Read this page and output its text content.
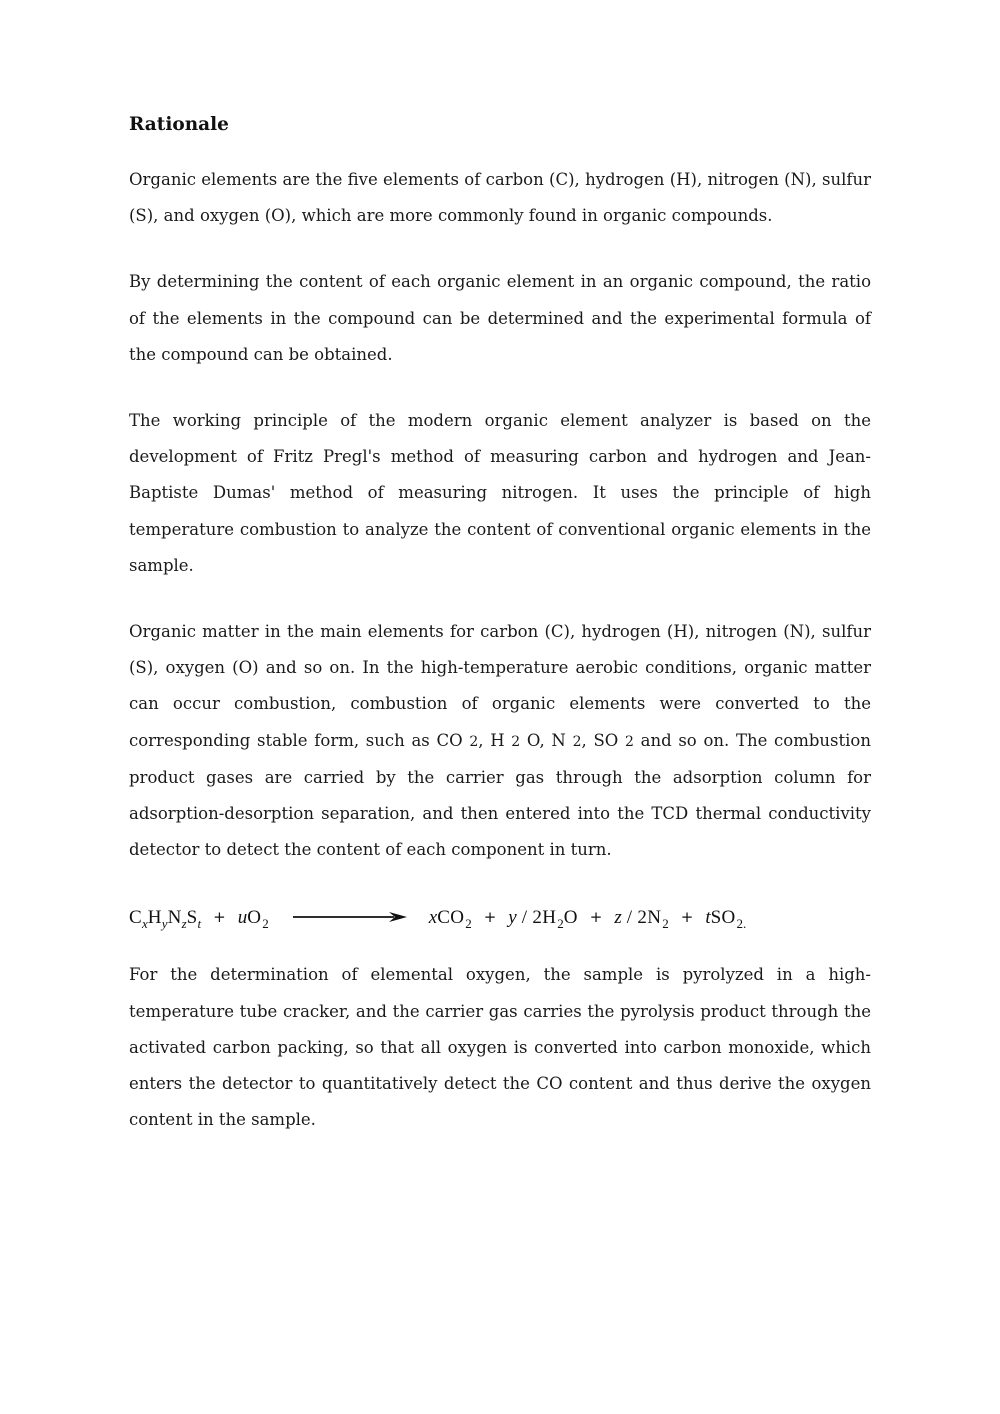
Rationale

Organic elements are the five elements of carbon (C), hydrogen (H), nitrogen (N), sulfur (S), and oxygen (O), which are more commonly found in organic compounds.

By determining the content of each organic element in an organic compound, the ratio of the elements in the compound can be determined and the experimental formula of the compound can be obtained.

The working principle of the modern organic element analyzer is based on the development of Fritz Pregl's method of measuring carbon and hydrogen and Jean-Baptiste Dumas' method of measuring nitrogen. It uses the principle of high temperature combustion to analyze the content of conventional organic elements in the sample.

Organic matter in the main elements for carbon (C), hydrogen (H), nitrogen (N), sulfur (S), oxygen (O) and so on. In the high-temperature aerobic conditions, organic matter can occur combustion, combustion of organic elements were converted to the corresponding stable form, such as CO 2, H 2 O, N 2, SO 2 and so on. The combustion product gases are carried by the carrier gas through the adsorption column for adsorption-desorption separation, and then entered into the TCD thermal conductivity detector to detect the content of each component in turn.

$C_xH_yN_zS_t + uO_2$	$xCO_2 + y / 2H_2O + z / 2N_2 + tSO_{2.}$

For the determination of elemental oxygen, the sample is pyrolyzed in a high-temperature tube cracker, and the carrier gas carries the pyrolysis product through the activated carbon packing, so that all oxygen is converted into carbon monoxide, which enters the detector to quantitatively detect the CO content and thus derive the oxygen content in the sample.
